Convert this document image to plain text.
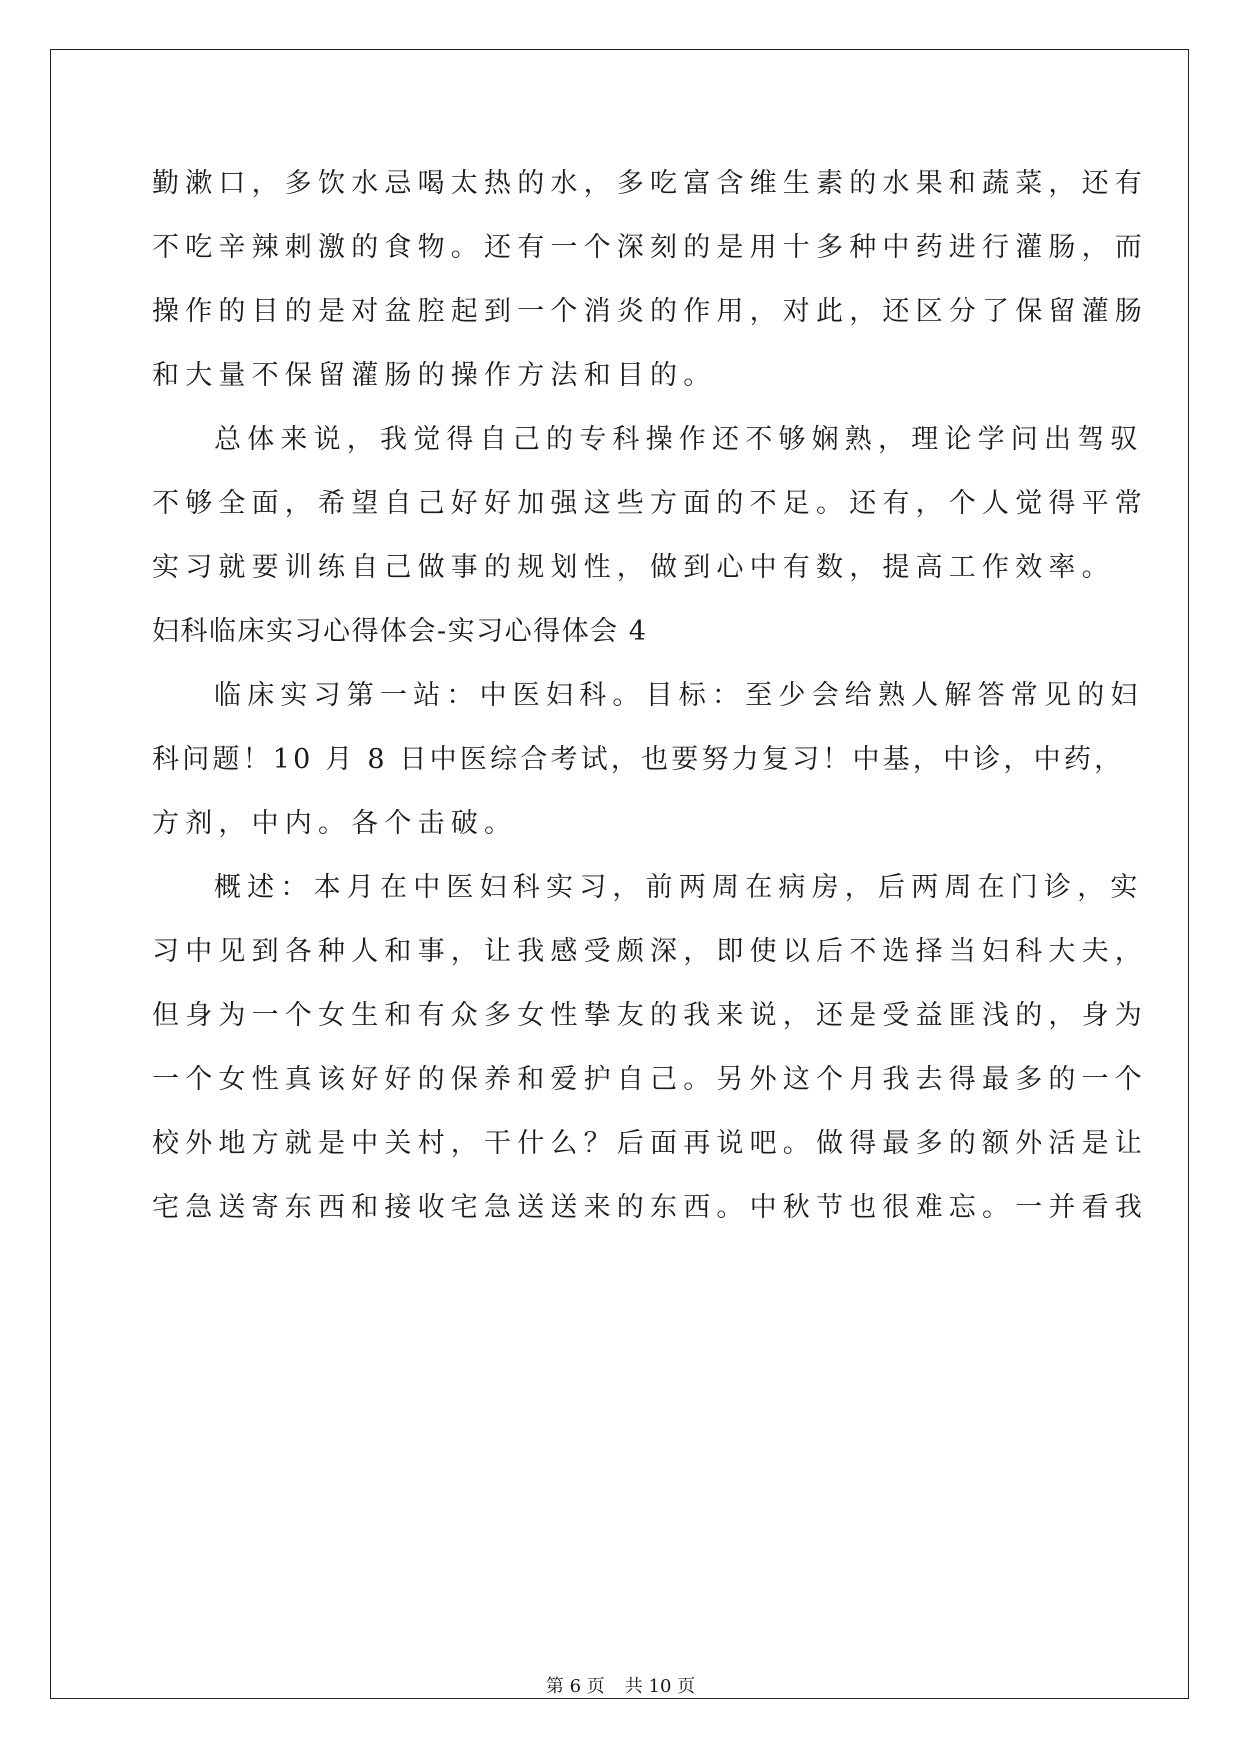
勤漱口，多饮水忌喝太热的水，多吃富含维生素的水果和蔬菜，还有

不吃辛辣刺激的食物。还有一个深刻的是用十多种中药进行灌肠，而

操作的目的是对盆腔起到一个消炎的作用，对此，还区分了保留灌肠

和大量不保留灌肠的操作方法和目的。

总体来说，我觉得自己的专科操作还不够娴熟，理论学问出驾驭

不够全面，希望自己好好加强这些方面的不足。还有，个人觉得平常

实习就要训练自己做事的规划性，做到心中有数，提高工作效率。

妇科临床实习心得体会-实习心得体会 4

临床实习第一站：中医妇科。目标：至少会给熟人解答常见的妇

科问题！10 月 8 日中医综合考试，也要努力复习！中基，中诊，中药，

方剂，中内。各个击破。

概述：本月在中医妇科实习，前两周在病房，后两周在门诊，实

习中见到各种人和事，让我感受颇深，即使以后不选择当妇科大夫，

但身为一个女生和有众多女性挚友的我来说，还是受益匪浅的，身为

一个女性真该好好的保养和爱护自己。另外这个月我去得最多的一个

校外地方就是中关村，干什么？后面再说吧。做得最多的额外活是让

宅急送寄东西和接收宅急送送来的东西。中秋节也很难忘。一并看我

第 6 页 共 10 页
